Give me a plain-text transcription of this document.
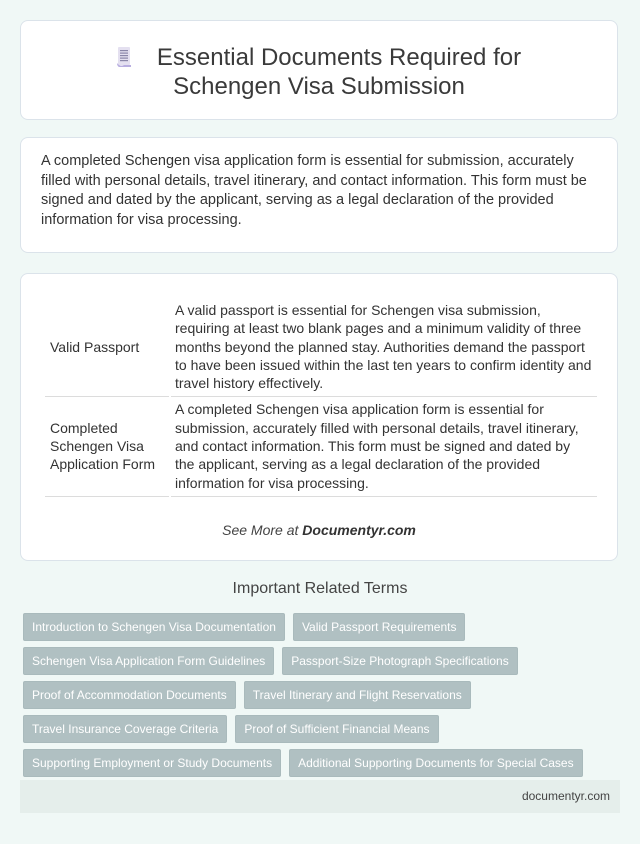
Essential Documents Required for Schengen Visa Submission
A completed Schengen visa application form is essential for submission, accurately filled with personal details, travel itinerary, and contact information. This form must be signed and dated by the applicant, serving as a legal declaration of the provided information for visa processing.
Valid Passport	A valid passport is essential for Schengen visa submission, requiring at least two blank pages and a minimum validity of three months beyond the planned stay. Authorities demand the passport to have been issued within the last ten years to confirm identity and travel history effectively.
Completed Schengen Visa Application Form	A completed Schengen visa application form is essential for submission, accurately filled with personal details, travel itinerary, and contact information. This form must be signed and dated by the applicant, serving as a legal declaration of the provided information for visa processing.
See More at Documentyr.com
Important Related Terms
Introduction to Schengen Visa Documentation	Valid Passport Requirements
Schengen Visa Application Form Guidelines	Passport-Size Photograph Specifications
Proof of Accommodation Documents	Travel Itinerary and Flight Reservations
Travel Insurance Coverage Criteria	Proof of Sufficient Financial Means
Supporting Employment or Study Documents	Additional Supporting Documents for Special Cases
documentyr.com
